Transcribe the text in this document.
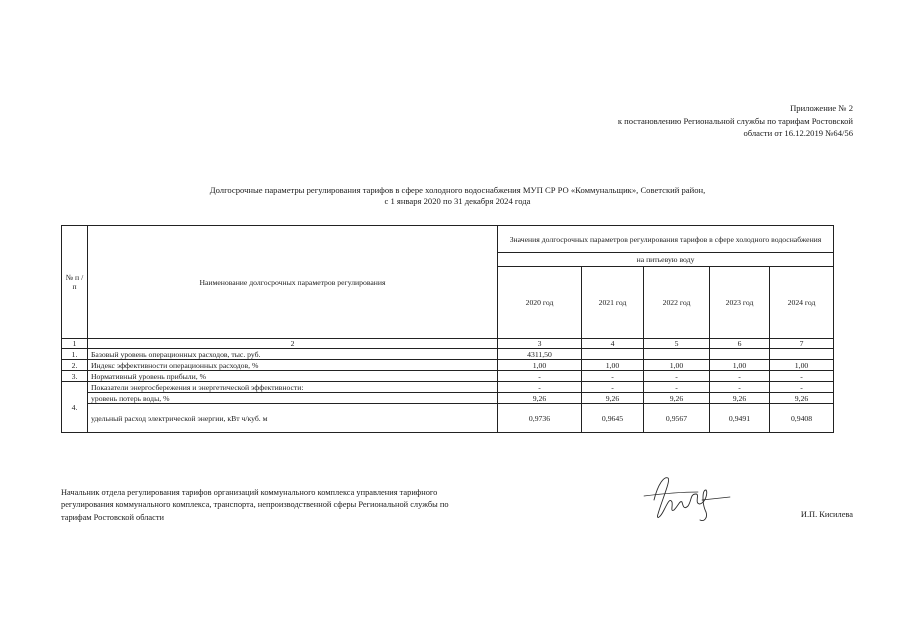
Приложение № 2
к постановлению Региональной службы по тарифам Ростовской
области от 16.12.2019 №64/56
Долгосрочные параметры регулирования тарифов в сфере холодного водоснабжения МУП СР РО «Коммунальщик», Советский район,
с 1 января 2020 по 31 декабря 2024 года
№ п /п	Наименование долгосрочных параметров регулирования	Значения долгосрочных параметров регулирования тарифов в сфере холодного водоснабжения				
		на питьевую воду				
		2020 год	2021 год	2022 год	2023 год	2024 год
1	2	3	4	5	6	7
1.	Базовый уровень операционных расходов, тыс. руб.	4311,50				
2.	Индекс эффективности операционных расходов, %	1,00	1,00	1,00	1,00	1,00
3.	Нормативный уровень прибыли, %	-	-	-	-	-
4.	Показатели энергосбережения и энергетической эффективности:	-	-	-	-	-
	уровень потерь воды, %	9,26	9,26	9,26	9,26	9,26
	удельный расход электрической энергии, кВт ч/куб. м	0,9736	0,9645	0,9567	0,9491	0,9408
Начальник отдела регулирования тарифов организаций коммунального комплекса управления тарифного
регулирования коммунального комплекса, транспорта, непроизводственной сферы Региональной службы по
тарифам Ростовской области	И.П. Кисилева
